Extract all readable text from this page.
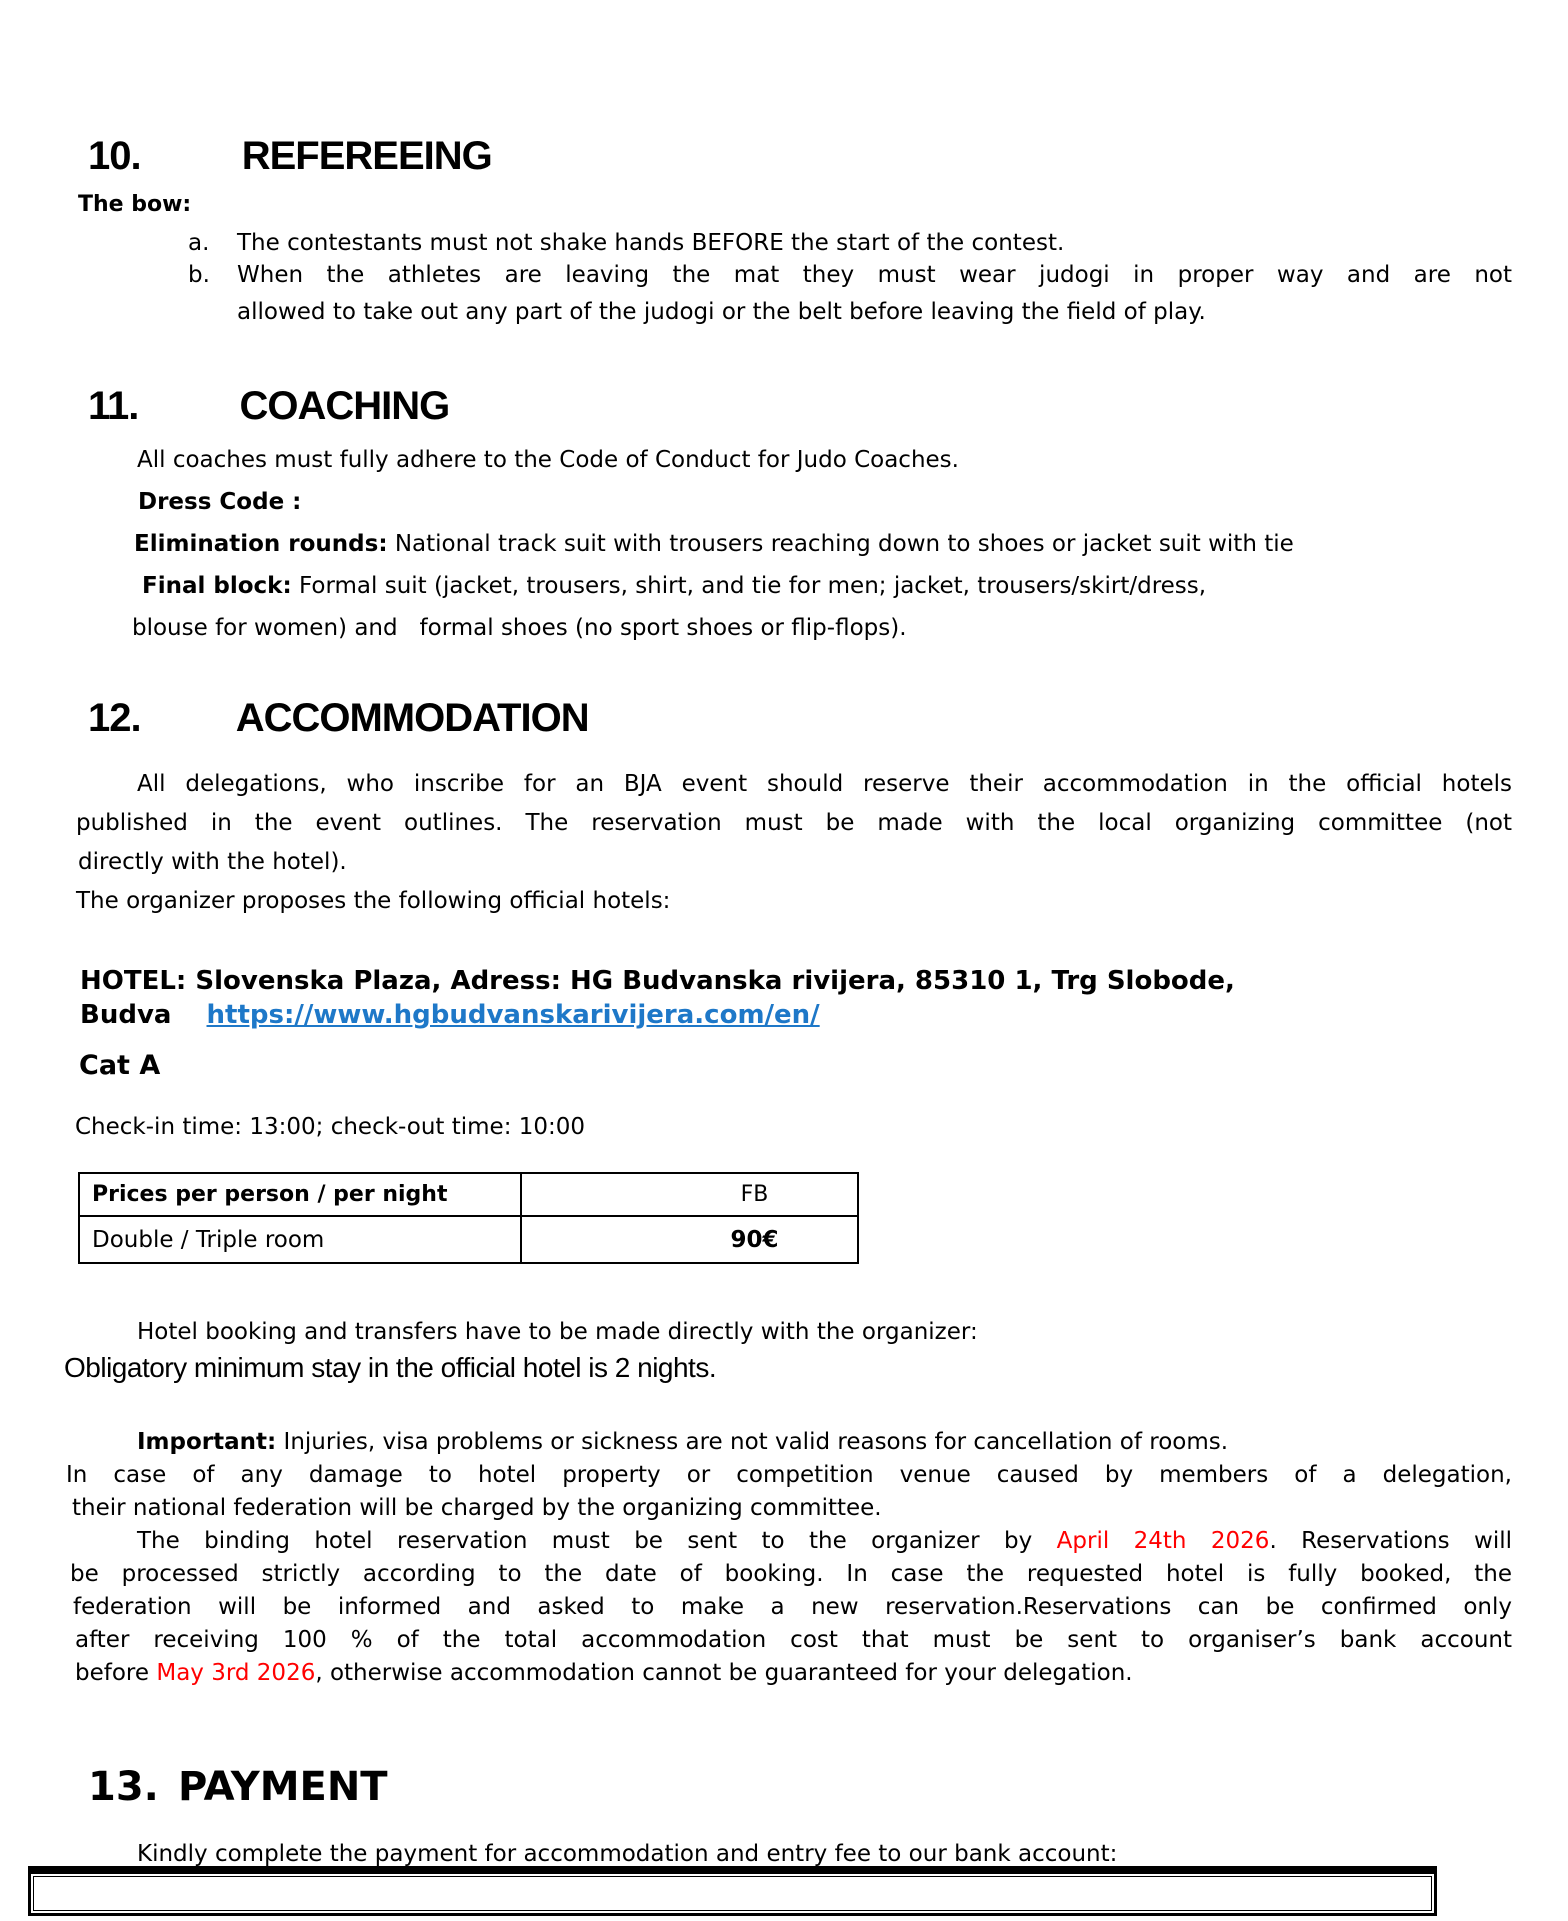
10.	REFEREEING
The bow:
a. The contestants must not shake hands BEFORE the start of the contest.
b. When the athletes are leaving the mat they must wear judogi in proper way and are not
allowed to take out any part of the judogi or the belt before leaving the field of play.
11.	COACHING
All coaches must fully adhere to the Code of Conduct for Judo Coaches.
Dress Code :
Elimination rounds: National track suit with trousers reaching down to shoes or jacket suit with tie
Final block: Formal suit (jacket, trousers, shirt, and tie for men; jacket, trousers/skirt/dress,
blouse for women) and   formal shoes (no sport shoes or flip-flops).
12. ACCOMMODATION
All delegations, who inscribe for an BJA event should reserve their accommodation in the official hotels
published in the event outlines. The reservation must be made with the local organizing committee (not
directly with the hotel).
The organizer proposes the following official hotels:
HOTEL: Slovenska Plaza, Adress: HG Budvanska rivijera, 85310 1, Trg Slobode,
Budva https://www.hgbudvanskarivijera.com/en/
Cat A
Check-in time: 13:00; check-out time: 10:00
Prices per person / per night	FB
Double / Triple room	90€
Hotel booking and transfers have to be made directly with the organizer:
Obligatory minimum stay in the official hotel is 2 nights.
Important: Injuries, visa problems or sickness are not valid reasons for cancellation of rooms.
In case of any damage to hotel property or competition venue caused by members of a delegation,
their national federation will be charged by the organizing committee.
The binding hotel reservation must be sent to the organizer by April 24th 2026. Reservations will
be processed strictly according to the date of booking. In case the requested hotel is fully booked, the
federation will be informed and asked to make a new reservation.Reservations can be confirmed only
after receiving 100 % of the total accommodation cost that must be sent to organiser’s bank account
before May 3rd 2026, otherwise accommodation cannot be guaranteed for your delegation.
13. PAYMENT
Kindly complete the payment for accommodation and entry fee to our bank account:
